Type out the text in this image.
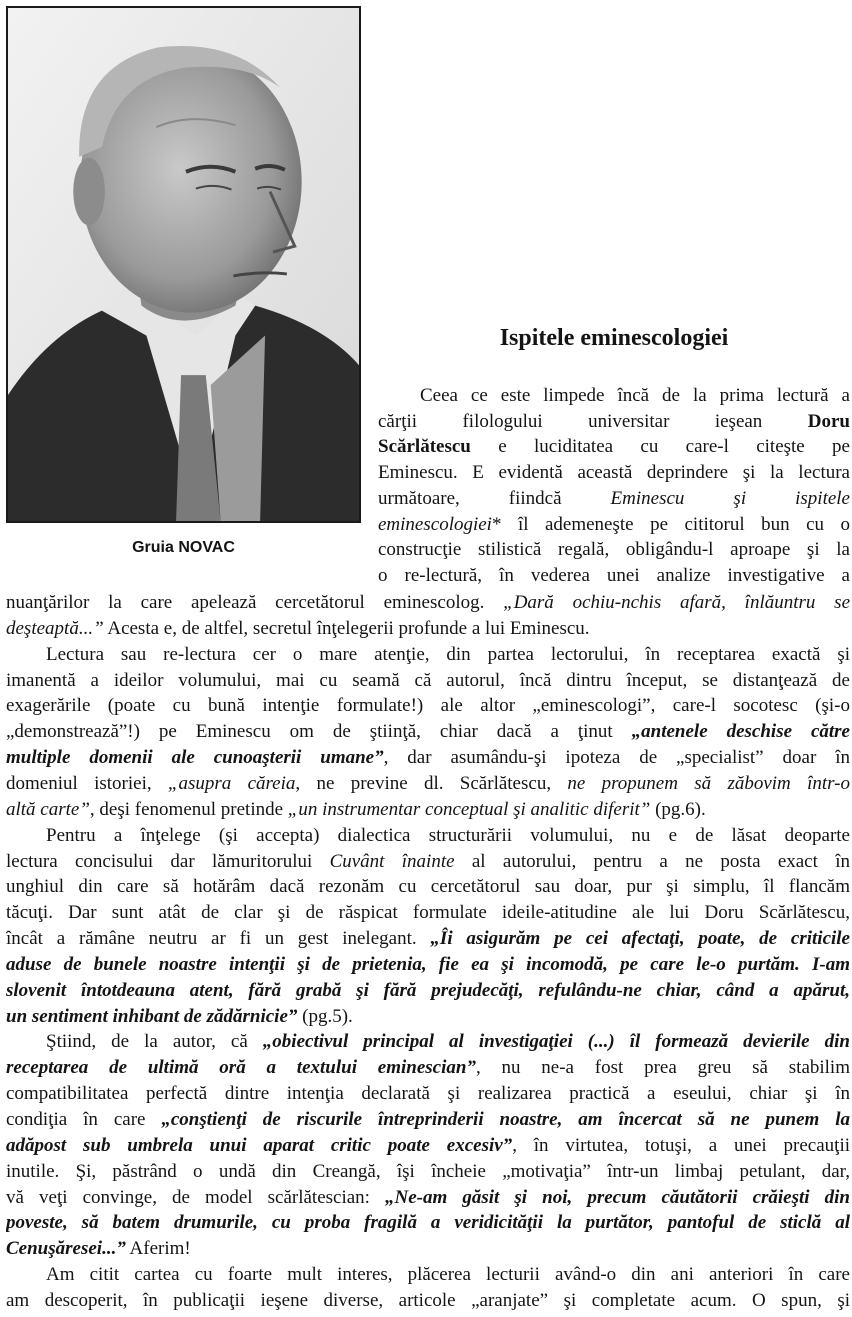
Gruia NOVAC
Ispitele eminescologiei
Ceea ce este limpede încă de la prima lectură a
cărţii filologului universitar ieşean Doru
Scărlătescu e luciditatea cu care-l citeşte pe
Eminescu. E evidentă această deprindere şi la lectura
următoare, fiindcă Eminescu şi ispitele
eminescologiei* îl ademeneşte pe cititorul bun cu o
construcţie stilistică regală, obligându-l aproape şi la
o re-lectură, în vederea unei analize investigative a
nuanţărilor la care apelează cercetătorul eminescolog. „Dară ochiu-nchis afară, înlăuntru se
deşteaptă...” Acesta e, de altfel, secretul înţelegerii profunde a lui Eminescu.
Lectura sau re-lectura cer o mare atenţie, din partea lectorului, în receptarea exactă şi
imanentă a ideilor volumului, mai cu seamă că autorul, încă dintru început, se distanţează de
exagerările (poate cu bună intenţie formulate!) ale altor „eminescologi”, care-l socotesc (şi-o
„demonstrează”!) pe Eminescu om de ştiinţă, chiar dacă a ţinut „antenele deschise către
multiple domenii ale cunoaşterii umane”, dar asumându-şi ipoteza de „specialist” doar în
domeniul istoriei, „asupra căreia, ne previne dl. Scărlătescu, ne propunem să zăbovim într-o
altă carte”, deşi fenomenul pretinde „un instrumentar conceptual şi analitic diferit” (pg.6).
Pentru a înţelege (şi accepta) dialectica structurării volumului, nu e de lăsat deoparte
lectura concisului dar lămuritorului Cuvânt înainte al autorului, pentru a ne posta exact în
unghiul din care să hotărâm dacă rezonăm cu cercetătorul sau doar, pur şi simplu, îl flancăm
tăcuţi. Dar sunt atât de clar şi de răspicat formulate ideile-atitudine ale lui Doru Scărlătescu,
încât a rămâne neutru ar fi un gest inelegant. „Îi asigurăm pe cei afectaţi, poate, de criticile
aduse de bunele noastre intenţii şi de prietenia, fie ea şi incomodă, pe care le-o purtăm. I-am
slovenit întotdeauna atent, fără grabă şi fără prejudecăţi, refulându-ne chiar, când a apărut,
un sentiment inhibant de zădărnicie” (pg.5).
Ştiind, de la autor, că „obiectivul principal al investigaţiei (...) îl formează devierile din
receptarea de ultimă oră a textului eminescian”, nu ne-a fost prea greu să stabilim
compatibilitatea perfectă dintre intenţia declarată şi realizarea practică a eseului, chiar şi în
condiţia în care „conştienţi de riscurile întreprinderii noastre, am încercat să ne punem la
adăpost sub umbrela unui aparat critic poate excesiv”, în virtutea, totuşi, a unei precauţii
inutile. Şi, păstrând o undă din Creangă, îşi încheie „motivaţia” într-un limbaj petulant, dar,
vă veţi convinge, de model scărlătescian: „Ne-am găsit şi noi, precum căutătorii crăieşti din
poveste, să batem drumurile, cu proba fragilă a veridicităţii la purtător, pantoful de sticlă al
Cenuşăresei...” Aferim!
Am citit cartea cu foarte mult interes, plăcerea lecturii având-o din ani anteriori în care
am descoperit, în publicaţii ieşene diverse, articole „aranjate” şi completate acum. O spun, şi
